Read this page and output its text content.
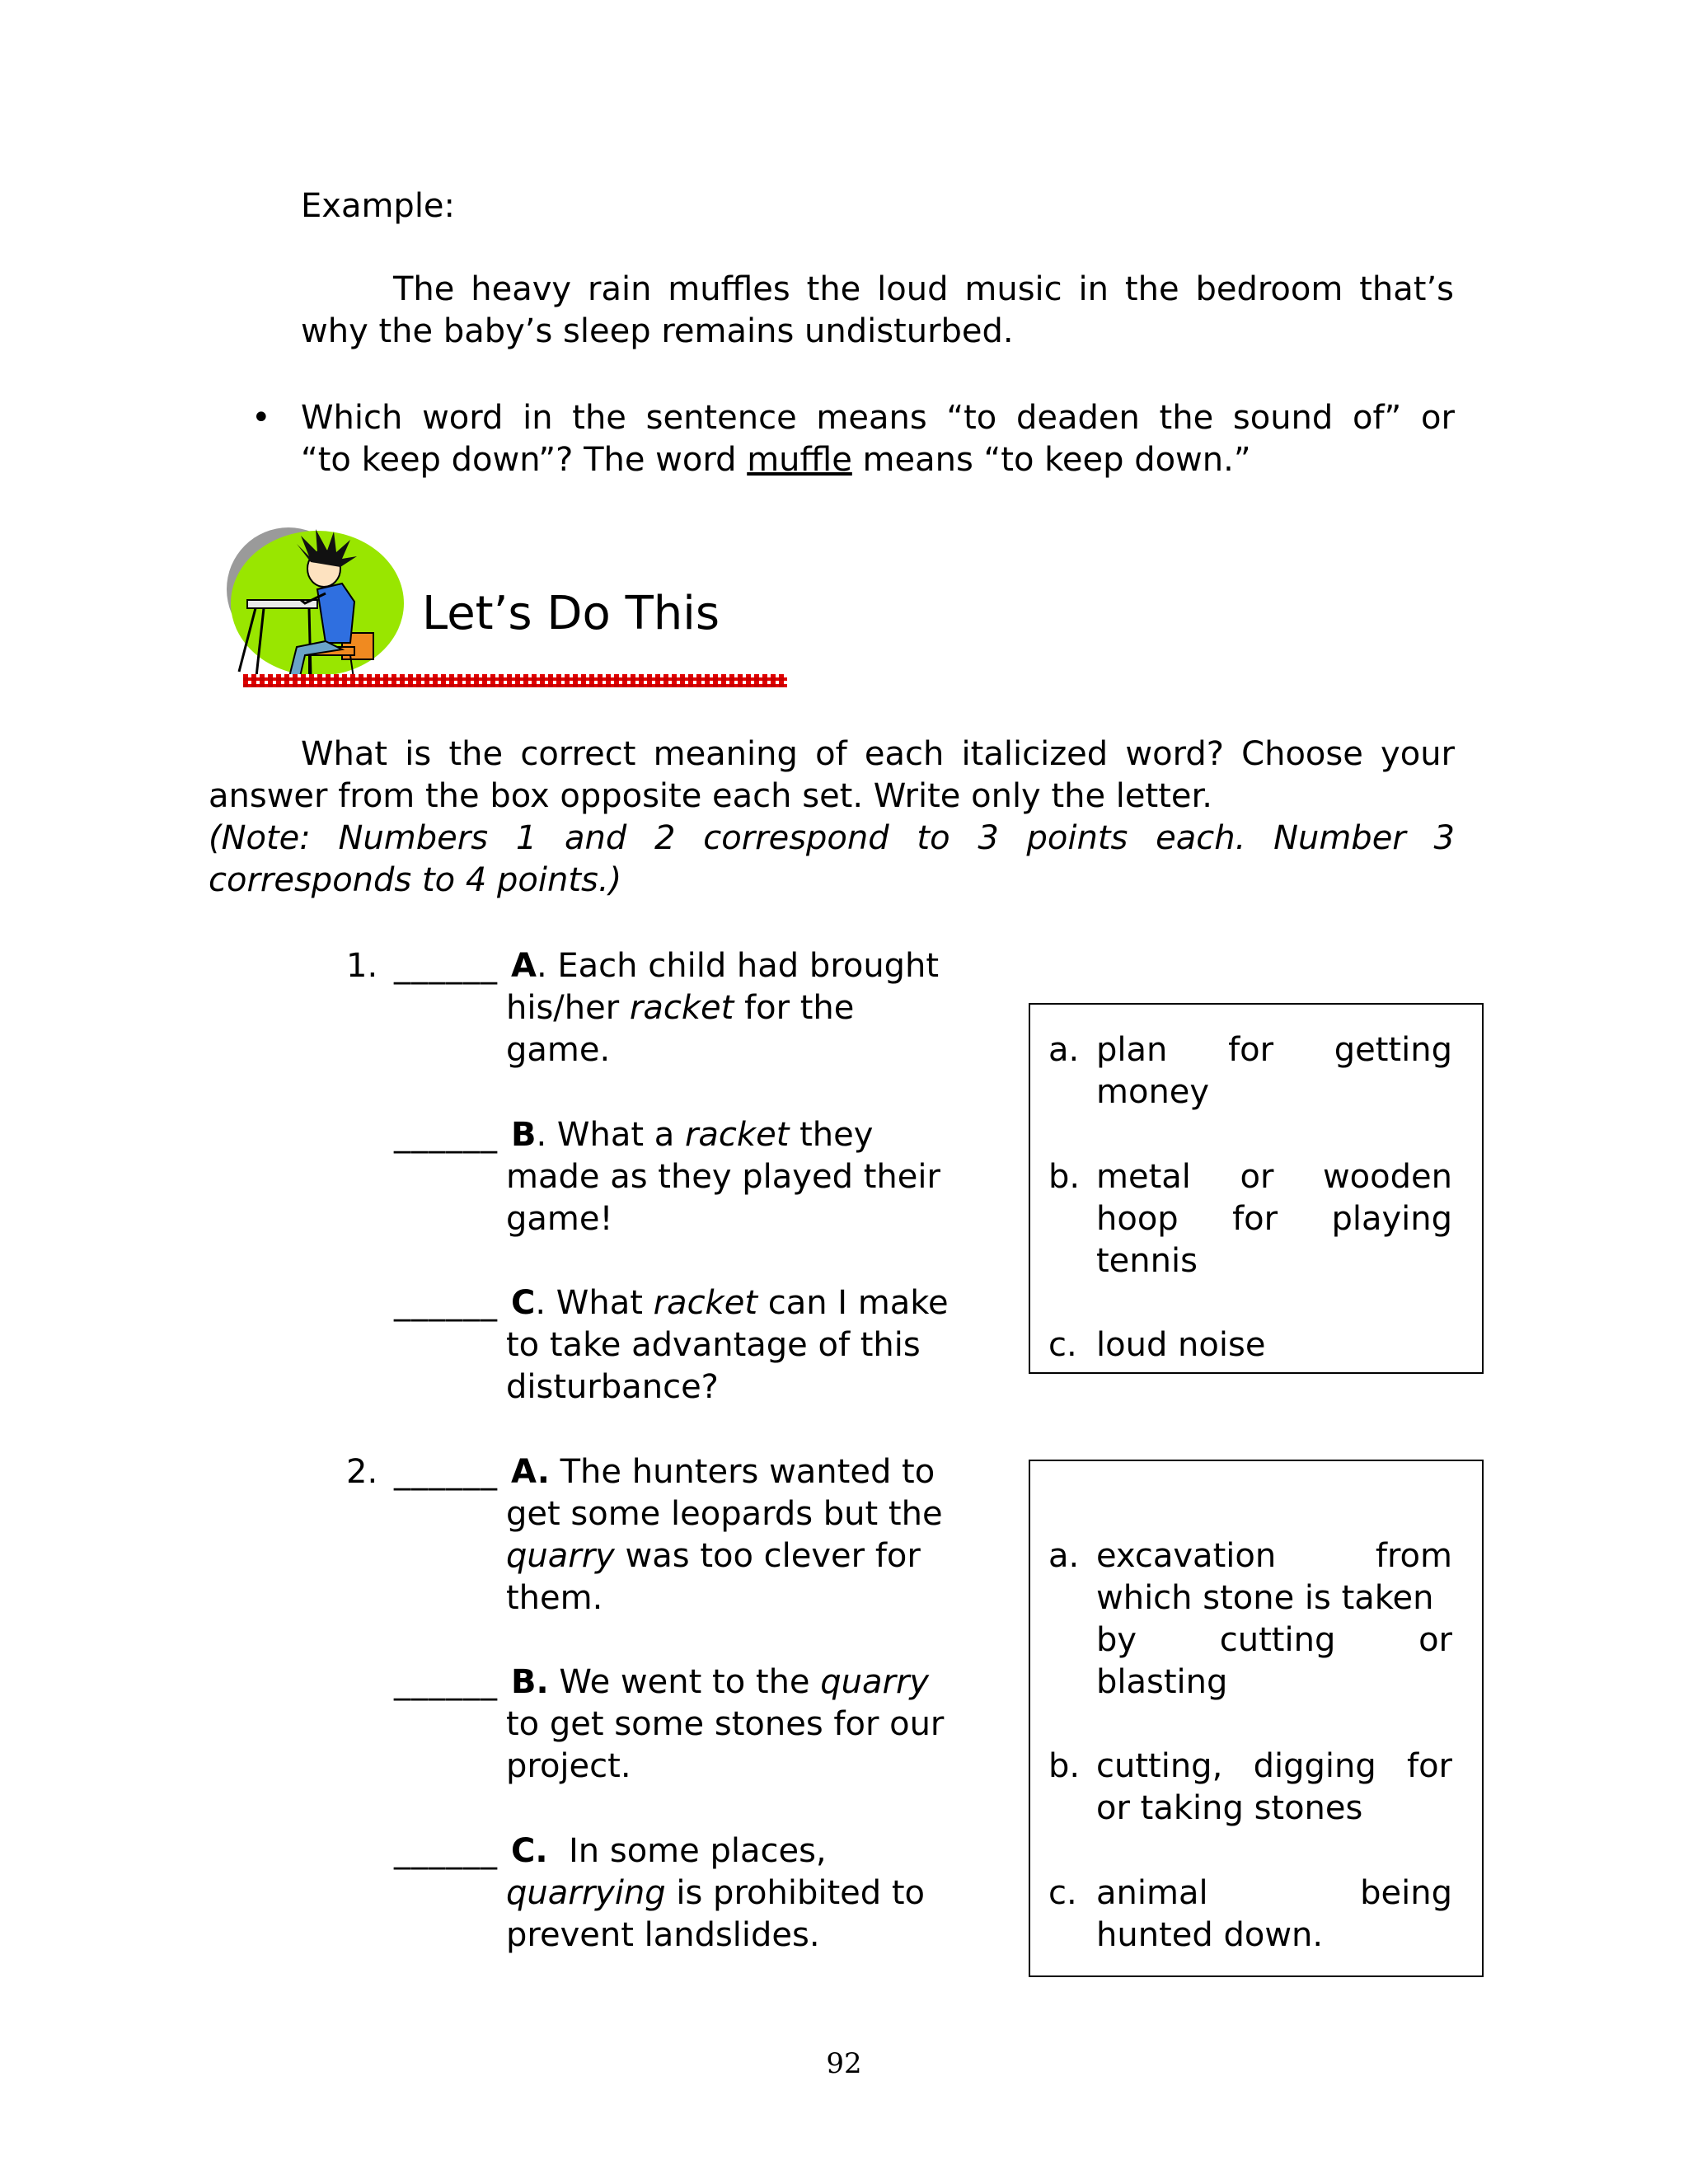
Example:
The heavy rain muffles the loud music in the bedroom that’s
why the baby’s sleep remains undisturbed.
• Which word in the sentence means “to deaden the sound of” or
“to keep down”? The word muffle means “to keep down.”
Let’s Do This
What is the correct meaning of each italicized word? Choose your
answer from the box opposite each set. Write only the letter.
(Note: Numbers 1 and 2 correspond to 3 points each. Number 3
corresponds to 4 points.)
1. ______ A. Each child had brought
his/her racket for the
game.
______ B. What a racket they
made as they played their
game!
______ C. What racket can I make
to take advantage of this
disturbance?
a. plan for getting
money
b. metal or wooden
hoop for playing
tennis
c. loud noise
2. ______ A. The hunters wanted to
get some leopards but the
quarry was too clever for
them.
______ B. We went to the quarry
to get some stones for our
project.
______ C.  In some places,
quarrying is prohibited to
prevent landslides.
a. excavation	from
which stone is taken
by	cutting	or
blasting
b. cutting, digging for
or taking stones
c. animal	being
hunted down.
92
